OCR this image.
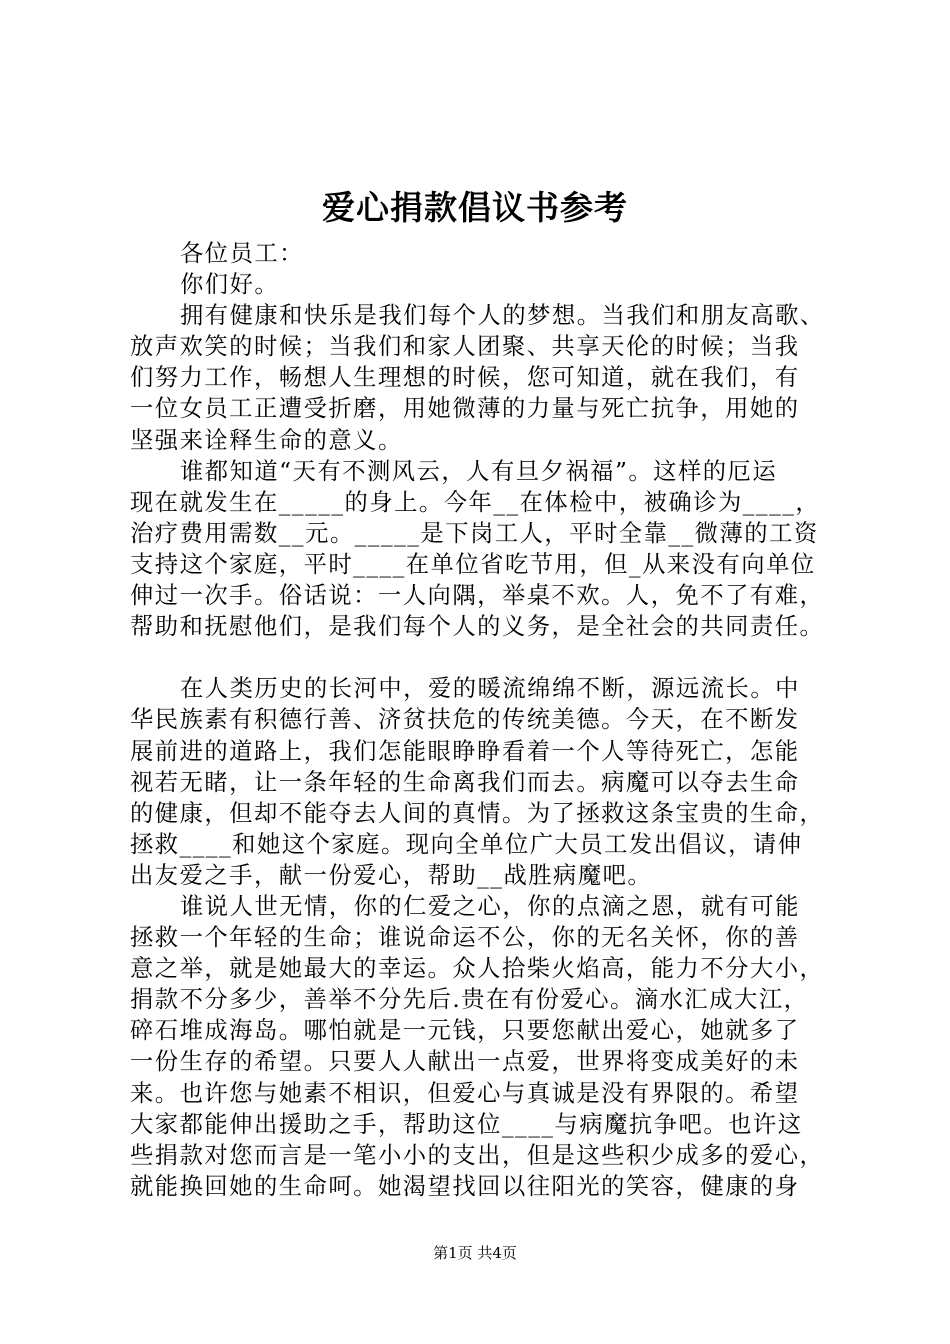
爱心捐款倡议书参考
各位员工：
你们好。
拥有健康和快乐是我们每个人的梦想。当我们和朋友高歌、
放声欢笑的时候；当我们和家人团聚、共享天伦的时候；当我
们努力工作，畅想人生理想的时候，您可知道，就在我们，有
一位女员工正遭受折磨，用她微薄的力量与死亡抗争，用她的
坚强来诠释生命的意义。
谁都知道“天有不测风云，人有旦夕祸福”。这样的厄运
现在就发生在_____的身上。今年__在体检中，被确诊为____，
治疗费用需数__元。_____是下岗工人，平时全靠__微薄的工资
支持这个家庭，平时____在单位省吃节用，但_从来没有向单位
伸过一次手。俗话说：一人向隅，举桌不欢。人，免不了有难，
帮助和抚慰他们，是我们每个人的义务，是全社会的共同责任。
在人类历史的长河中，爱的暖流绵绵不断，源远流长。中
华民族素有积德行善、济贫扶危的传统美德。今天，在不断发
展前进的道路上，我们怎能眼睁睁看着一个人等待死亡，怎能
视若无睹，让一条年轻的生命离我们而去。病魔可以夺去生命
的健康，但却不能夺去人间的真情。为了拯救这条宝贵的生命，
拯救____和她这个家庭。现向全单位广大员工发出倡议，请伸
出友爱之手，献一份爱心，帮助__战胜病魔吧。
谁说人世无情，你的仁爱之心，你的点滴之恩，就有可能
拯救一个年轻的生命；谁说命运不公，你的无名关怀，你的善
意之举，就是她最大的幸运。众人拾柴火焰高，能力不分大小，
捐款不分多少，善举不分先后.贵在有份爱心。滴水汇成大江，
碎石堆成海岛。哪怕就是一元钱，只要您献出爱心，她就多了
一份生存的希望。只要人人献出一点爱，世界将变成美好的未
来。也许您与她素不相识，但爱心与真诚是没有界限的。希望
大家都能伸出援助之手，帮助这位____与病魔抗争吧。也许这
些捐款对您而言是一笔小小的支出，但是这些积少成多的爱心，
就能换回她的生命呵。她渴望找回以往阳光的笑容，健康的身
第1页 共4页
